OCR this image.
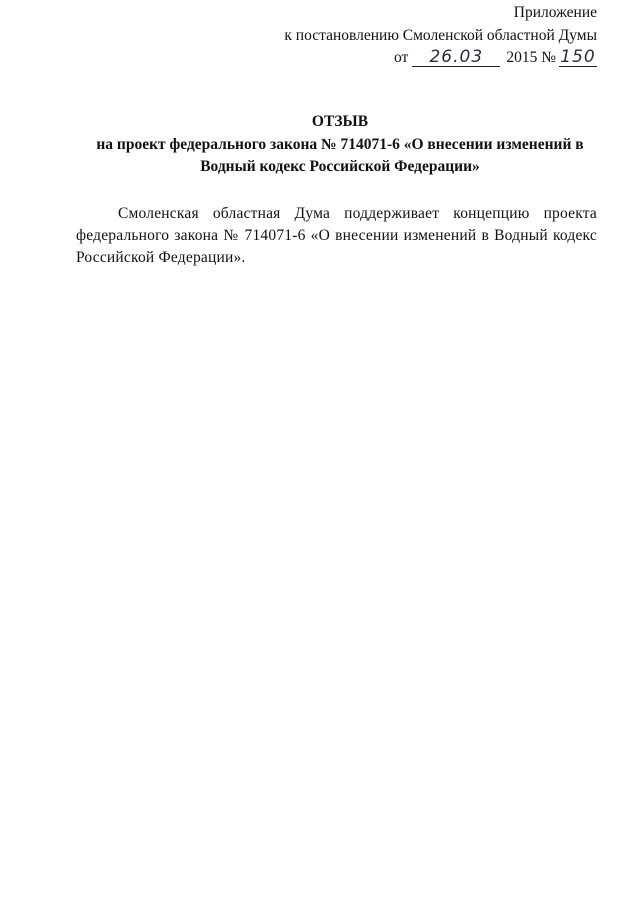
Приложение
к постановлению Смоленской областной Думы
от 26.03 2015 № 150
ОТЗЫВ
на проект федерального закона № 714071-6 «О внесении изменений в
Водный кодекс Российской Федерации»
Смоленская областная Дума поддерживает концепцию проекта федерального закона № 714071-6 «О внесении изменений в Водный кодекс Российской Федерации».
